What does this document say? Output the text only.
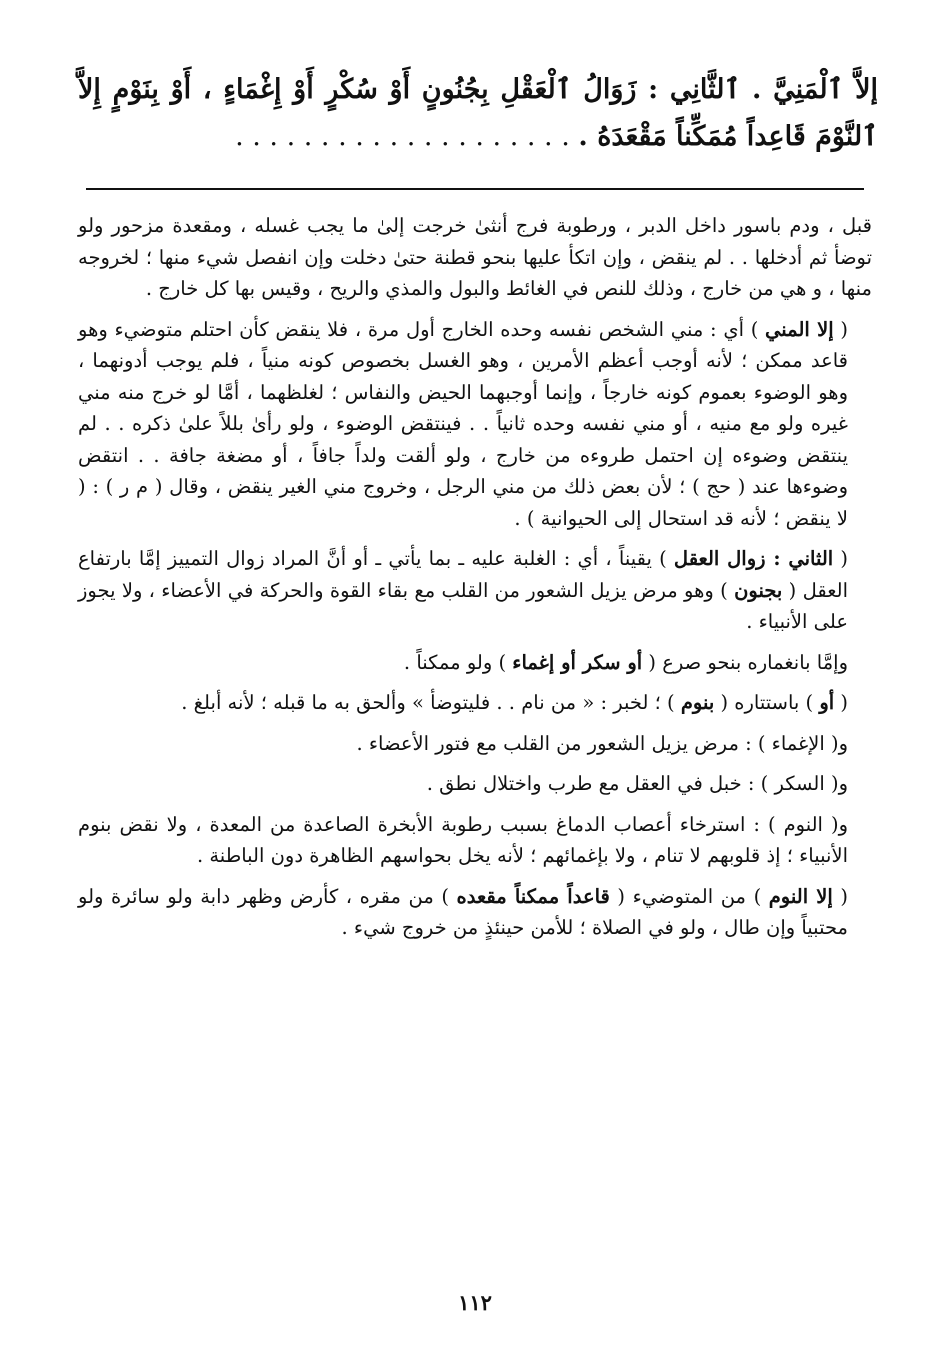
إلاَّ ٱلْمَنِيَّ . ٱلثَّانِي : زَوَالُ ٱلْعَقْلِ بِجُنُونٍ أَوْ سُكْرٍ أَوْ إِغْمَاءٍ ، أَوْ بِنَوْمٍ إِلاَّ ٱلنَّوْمَ قَاعِداً مُمَكِّناً مَقْعَدَهُ . . . . . . . . . . . . . . . . . . . . .

قبل ، ودم باسور داخل الدبر ، ورطوبة فرج أنثىٰ خرجت إلىٰ ما يجب غسله ، ومقعدة مزحور ولو توضأ ثم أدخلها . . لم ينقض ، وإن اتكأ عليها بنحو قطنة حتىٰ دخلت وإن انفصل شيء منها ؛ لخروجه منها ، و هي من خارج ، وذلك للنص في الغائط والبول والمذي والريح ، وقيس بها كل خارج .

( إلا المني ) أي : مني الشخص نفسه وحده الخارج أول مرة ، فلا ينقض كأن احتلم متوضيء وهو قاعد ممكن ؛ لأنه أوجب أعظم الأمرين ، وهو الغسل بخصوص كونه منياً ، فلم يوجب أدونهما ، وهو الوضوء بعموم كونه خارجاً ، وإنما أوجبهما الحيض والنفاس ؛ لغلظهما ، أمَّا لو خرج منه مني غيره ولو مع منيه ، أو مني نفسه وحده ثانياً . . فينتقض الوضوء ، ولو رأىٰ بللاً علىٰ ذكره . . لم ينتقض وضوءه إن احتمل طروءه من خارج ، ولو ألقت ولداً جافاً ، أو مضغة جافة . . انتقض وضوءها عند ( حج ) ؛ لأن بعض ذلك من مني الرجل ، وخروج مني الغير ينقض ، وقال ( م ر ) : ( لا ينقض ؛ لأنه قد استحال إلى الحيوانية ) .

( الثاني : زوال العقل ) يقيناً ، أي : الغلبة عليه ـ بما يأتي ـ أو أنَّ المراد زوال التمييز إمَّا بارتفاع العقل ( بجنون ) وهو مرض يزيل الشعور من القلب مع بقاء القوة والحركة في الأعضاء ، ولا يجوز على الأنبياء .

وإمَّا بانغماره بنحو صرع ( أو سكر أو إغماء ) ولو ممكناً .

( أو ) باستتاره ( بنوم ) ؛ لخبر : « من نام . . فليتوضأ » وألحق به ما قبله ؛ لأنه أبلغ .

و( الإغماء ) : مرض يزيل الشعور من القلب مع فتور الأعضاء .

و( السكر ) : خبل في العقل مع طرب واختلال نطق .

و( النوم ) : استرخاء أعصاب الدماغ بسبب رطوبة الأبخرة الصاعدة من المعدة ، ولا نقض بنوم الأنبياء ؛ إذ قلوبهم لا تنام ، ولا بإغمائهم ؛ لأنه يخل بحواسهم الظاهرة دون الباطنة .

( إلا النوم ) من المتوضيء ( قاعداً ممكناً مقعده ) من مقره ، كأرض وظهر دابة ولو سائرة ولو محتبياً وإن طال ، ولو في الصلاة ؛ للأمن حينئذٍ من خروج شيء .

١١٢
